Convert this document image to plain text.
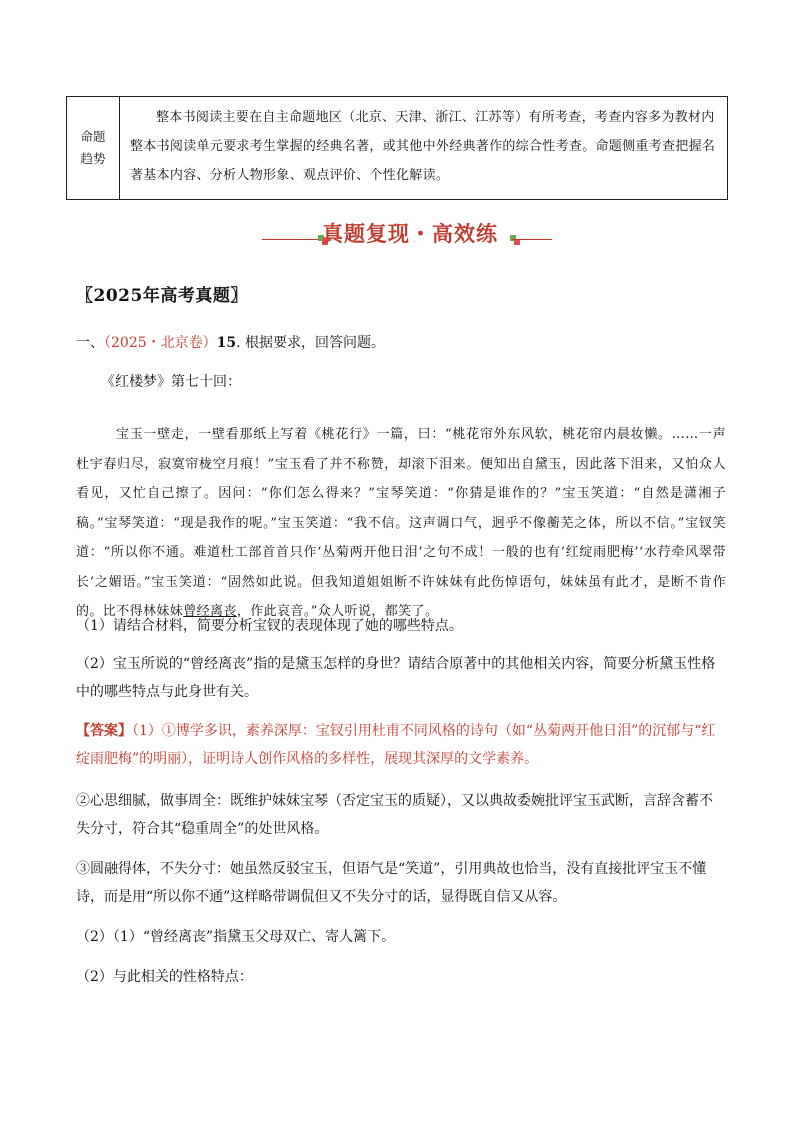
命题
趋势
整本书阅读主要在自主命题地区（北京、天津、浙江、江苏等）有所考查，考查内容多为教材内整本书阅读单元要求考生掌握的经典名著，或其他中外经典著作的综合性考查。命题侧重考查把握名著基本内容、分析人物形象、观点评价、个性化解读。
真题复现・高效练
〖2025年高考真题〗
一、（2025・北京卷）15. 根据要求，回答问题。
《红楼梦》第七十回：
宝玉一壁走，一壁看那纸上写着《桃花行》一篇，曰：“桃花帘外东风软，桃花帘内晨妆懒。……一声杜宇春归尽，寂寞帘栊空月痕！”宝玉看了并不称赞，却滚下泪来。便知出自黛玉，因此落下泪来，又怕众人看见，又忙自己擦了。因问：“你们怎么得来？”宝琴笑道：“你猜是谁作的？”宝玉笑道：“自然是潇湘子稿。”宝琴笑道：“现是我作的呢。”宝玉笑道：“我不信。这声调口气，迥乎不像蘅芜之体，所以不信。”宝钗笑道：“所以你不通。难道杜工部首首只作‘丛菊两开他日泪’之句不成！一般的也有‘红绽雨肥梅’‘水荇牵风翠带长’之媚语。”宝玉笑道：“固然如此说。但我知道姐姐断不许妹妹有此伤悼语句，妹妹虽有此才，是断不肯作的。比不得林妹妹曾经离丧，作此哀音。”众人听说，都笑了。
（1）请结合材料，简要分析宝钗的表现体现了她的哪些特点。
（2）宝玉所说的“曾经离丧”指的是黛玉怎样的身世？请结合原著中的其他相关内容，简要分析黛玉性格中的哪些特点与此身世有关。
【答案】（1）①博学多识，素养深厚：宝钗引用杜甫不同风格的诗句（如“丛菊两开他日泪”的沉郁与“红绽雨肥梅”的明丽），证明诗人创作风格的多样性，展现其深厚的文学素养。
②心思细腻，做事周全：既维护妹妹宝琴（否定宝玉的质疑），又以典故委婉批评宝玉武断，言辞含蓄不失分寸，符合其“稳重周全”的处世风格。
③圆融得体，不失分寸：她虽然反驳宝玉，但语气是“笑道”，引用典故也恰当，没有直接批评宝玉不懂诗，而是用“所以你不通”这样略带调侃但又不失分寸的话，显得既自信又从容。
（2）（1）“曾经离丧”指黛玉父母双亡、寄人篱下。
（2）与此相关的性格特点：
